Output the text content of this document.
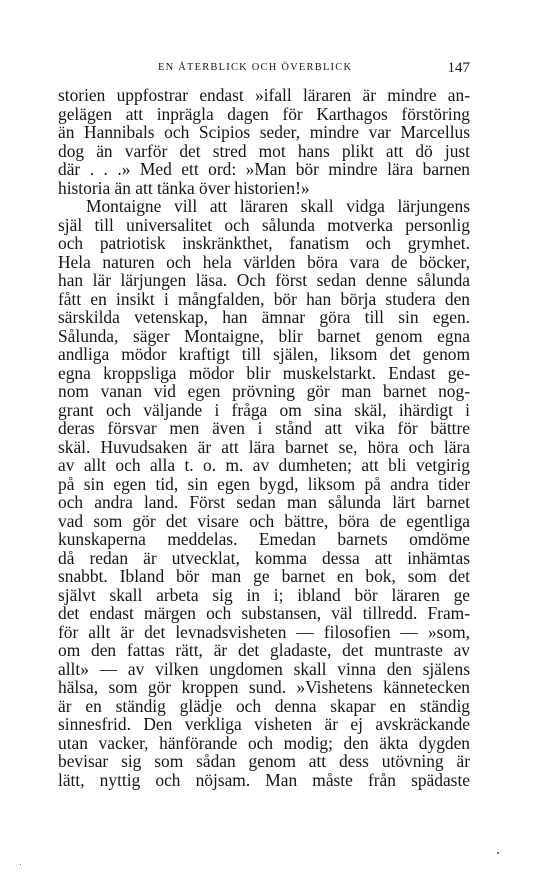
EN ÅTERBLICK OCH ÖVERBLICK	147
storien uppfostrar endast »ifall läraren är mindre an-
gelägen att inprägla dagen för Karthagos förstöring
än Hannibals och Scipios seder, mindre var Marcellus
dog än varför det stred mot hans plikt att dö just
där . . .» Med ett ord: »Man bör mindre lära barnen
historia än att tänka över historien!»
Montaigne vill att läraren skall vidga lärjungens
själ till universalitet och sålunda motverka personlig
och patriotisk inskränkthet, fanatism och grymhet.
Hela naturen och hela världen böra vara de böcker,
han lär lärjungen läsa. Och först sedan denne sålunda
fått en insikt i mångfalden, bör han börja studera den
särskilda vetenskap, han ämnar göra till sin egen.
Sålunda, säger Montaigne, blir barnet genom egna
andliga mödor kraftigt till själen, liksom det genom
egna kroppsliga mödor blir muskelstarkt. Endast ge-
nom vanan vid egen prövning gör man barnet nog-
grant och väljande i fråga om sina skäl, ihärdigt i
deras försvar men även i stånd att vika för bättre
skäl. Huvudsaken är att lära barnet se, höra och lära
av allt och alla t. o. m. av dumheten; att bli vetgirig
på sin egen tid, sin egen bygd, liksom på andra tider
och andra land. Först sedan man sålunda lärt barnet
vad som gör det visare och bättre, böra de egentliga
kunskaperna meddelas. Emedan barnets omdöme
då redan är utvecklat, komma dessa att inhämtas
snabbt. Ibland bör man ge barnet en bok, som det
självt skall arbeta sig in i; ibland bör läraren ge
det endast märgen och substansen, väl tillredd. Fram-
för allt är det levnadsvisheten — filosofien — »som,
om den fattas rätt, är det gladaste, det muntraste av
allt» — av vilken ungdomen skall vinna den själens
hälsa, som gör kroppen sund. »Vishetens kännetecken
är en ständig glädje och denna skapar en ständig
sinnesfrid. Den verkliga visheten är ej avskräckande
utan vacker, hänförande och modig; den äkta dygden
bevisar sig som sådan genom att dess utövning är
lätt, nyttig och nöjsam. Man måste från spädaste
